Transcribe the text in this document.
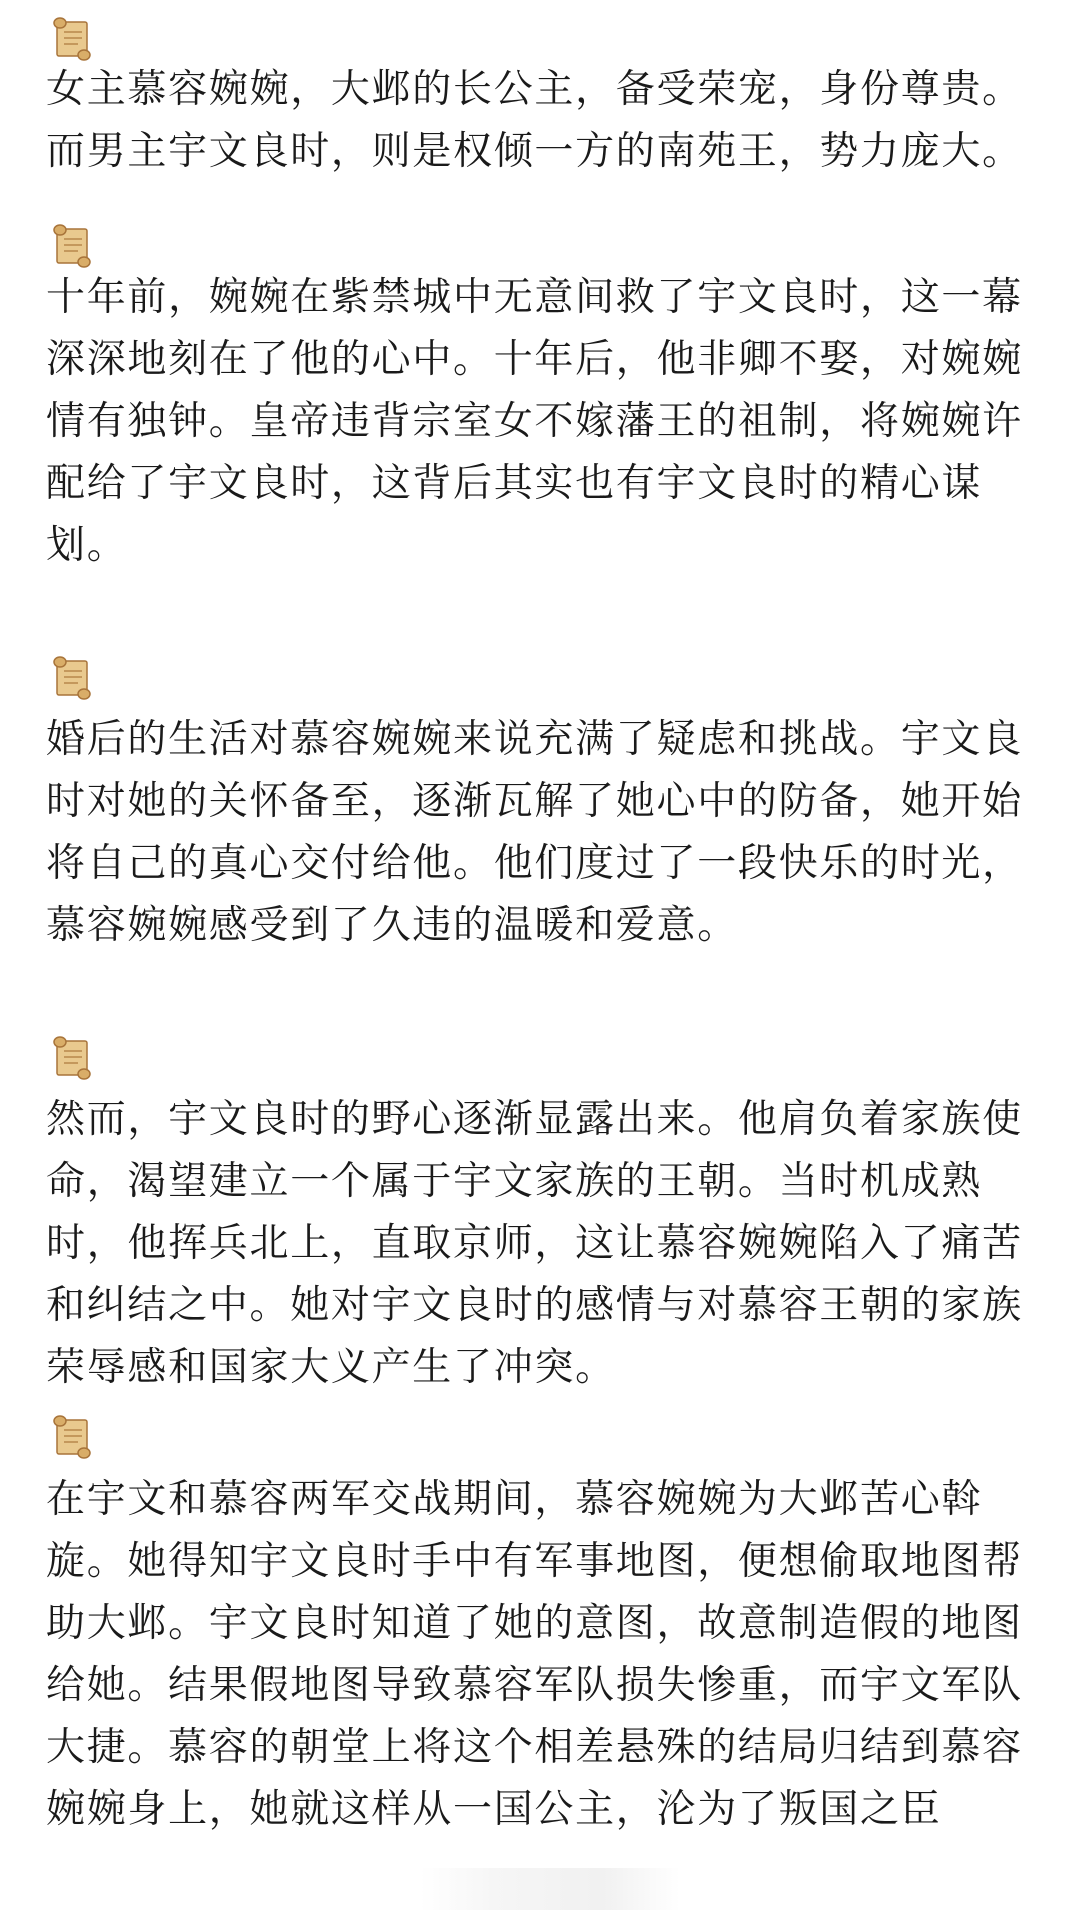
女主慕容婉婉，大邺的长公主，备受荣宠，身份尊贵。而男主宇文良时，则是权倾一方的南苑王，势力庞大。

十年前，婉婉在紫禁城中无意间救了宇文良时，这一幕深深地刻在了他的心中。十年后，他非卿不娶，对婉婉情有独钟。皇帝违背宗室女不嫁藩王的祖制，将婉婉许配给了宇文良时，这背后其实也有宇文良时的精心谋划。

婚后的生活对慕容婉婉来说充满了疑虑和挑战。宇文良时对她的关怀备至，逐渐瓦解了她心中的防备，她开始将自己的真心交付给他。他们度过了一段快乐的时光，慕容婉婉感受到了久违的温暖和爱意。

然而，宇文良时的野心逐渐显露出来。他肩负着家族使命，渴望建立一个属于宇文家族的王朝。当时机成熟时，他挥兵北上，直取京师，这让慕容婉婉陷入了痛苦和纠结之中。她对宇文良时的感情与对慕容王朝的家族荣辱感和国家大义产生了冲突。

在宇文和慕容两军交战期间，慕容婉婉为大邺苦心斡旋。她得知宇文良时手中有军事地图，便想偷取地图帮助大邺。宇文良时知道了她的意图，故意制造假的地图给她。结果假地图导致慕容军队损失惨重，而宇文军队大捷。慕容的朝堂上将这个相差悬殊的结局归结到慕容婉婉身上，她就这样从一国公主，沦为了叛国之臣
